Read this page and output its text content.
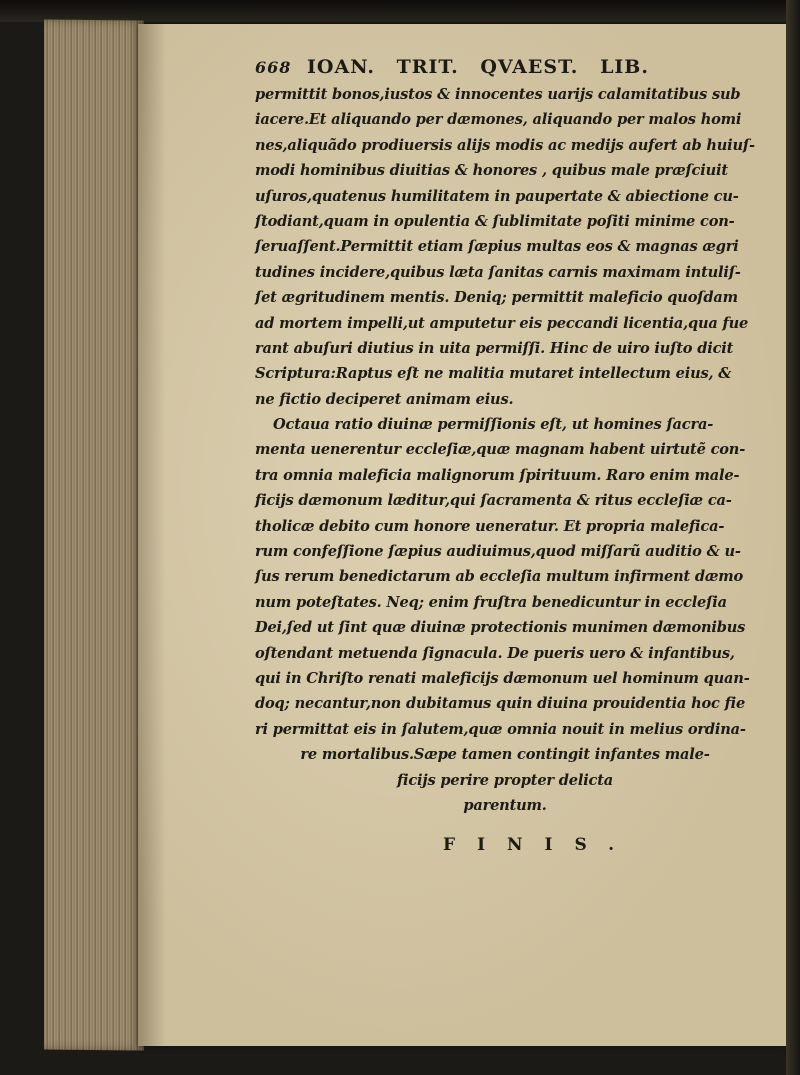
668 IOAN. TRIT. QVAEST. LIB.
permittit bonos,iustos & innocentes uarijs calamitatibus sub
iacere.Et aliquando per dæmones, aliquando per malos homi
nes,aliquãdo prodiuersis alijs modis ac medijs aufert ab huiuſ-
modi hominibus diuitias & honores , quibus male præſciuit
uſuros,quatenus humilitatem in paupertate & abiectione cu-
ſtodiant,quam in opulentia & ſublimitate poſiti minime con-
ſeruaſſent.Permittit etiam ſæpius multas eos & magnas ægri
tudines incidere,quibus læta ſanitas carnis maximam intuliſ-
ſet ægritudinem mentis. Deniq; permittit maleficio quoſdam
ad mortem impelli,ut amputetur eis peccandi licentia,qua fue
rant abuſuri diutius in uita permiſſi. Hinc de uiro iuſto dicit
Scriptura:Raptus eſt ne malitia mutaret intellectum eius, &
ne fictio deciperet animam eius.
Octaua ratio diuinæ permiſſionis eſt, ut homines ſacra-
menta uenerentur eccleſiæ,quæ magnam habent uirtutẽ con-
tra omnia maleficia malignorum ſpirituum. Raro enim male-
ficijs dæmonum læditur,qui ſacramenta & ritus eccleſiæ ca-
tholicæ debito cum honore ueneratur. Et propria malefica-
rum confeſſione ſæpius audiuimus,quod miſſarũ auditio & u-
ſus rerum benedictarum ab eccleſia multum infirment dæmo
num poteſtates. Neq; enim fruſtra benedicuntur in eccleſia
Dei,ſed ut ſint quæ diuinæ protectionis munimen dæmonibus
oſtendant metuenda ſignacula. De pueris uero & infantibus,
qui in Chriſto renati maleficijs dæmonum uel hominum quan-
doq; necantur,non dubitamus quin diuina prouidentia hoc fie
ri permittat eis in ſalutem,quæ omnia nouit in melius ordina-
re mortalibus.Sæpe tamen contingit infantes male-
ficijs perire propter delicta
parentum.
FINIS.
